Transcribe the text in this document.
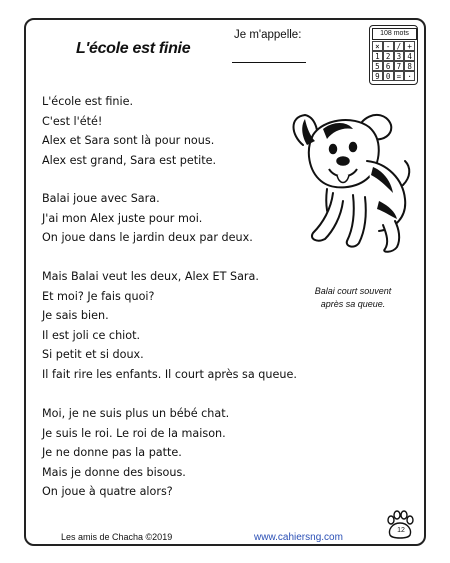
L'école est finie
Je m'appelle:	108 mots
× - / +
1 2 3 4
5 6 7 8
9 0 = ·
L'école est finie.
C'est l'été!
Alex et Sara sont là pour nous.
Alex est grand, Sara est petite.
Balai joue avec Sara.
J'ai mon Alex juste pour moi.
On joue dans le jardin deux par deux.
Mais Balai veut les deux, Alex ET Sara.
Et moi? Je fais quoi?
Je sais bien.
Il est joli ce chiot.
Si petit et si doux.
Il fait rire les enfants. Il court après sa queue.
Moi, je ne suis plus un bébé chat.
Je suis le roi. Le roi de la maison.
Je ne donne pas la patte.
Mais je donne des bisous.
On joue à quatre alors?
Balai court souvent
après sa queue.
Les amis de Chacha ©2019	www.cahiersng.com
12
